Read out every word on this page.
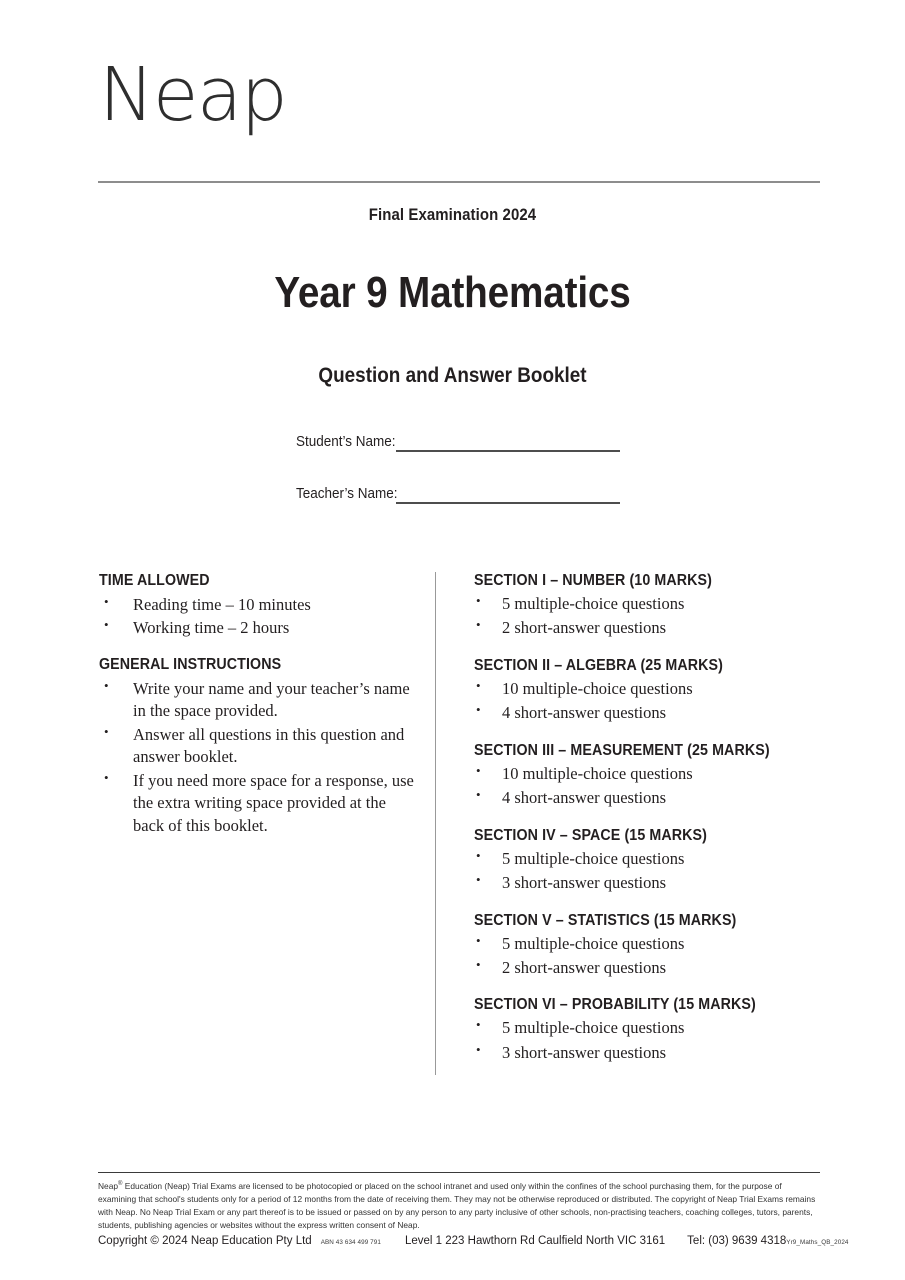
Neap
Final Examination 2024
Year 9 Mathematics
Question and Answer Booklet
Student’s Name:
Teacher’s Name:
TIME ALLOWED
• Reading time – 10 minutes
• Working time – 2 hours
GENERAL INSTRUCTIONS
• Write your name and your teacher’s name in the space provided.
• Answer all questions in this question and answer booklet.
• If you need more space for a response, use the extra writing space provided at the back of this booklet.
SECTION I – NUMBER (10 MARKS)
• 5 multiple-choice questions
• 2 short-answer questions
SECTION II – ALGEBRA (25 MARKS)
• 10 multiple-choice questions
• 4 short-answer questions
SECTION III – MEASUREMENT (25 MARKS)
• 10 multiple-choice questions
• 4 short-answer questions
SECTION IV – SPACE (15 MARKS)
• 5 multiple-choice questions
• 3 short-answer questions
SECTION V – STATISTICS (15 MARKS)
• 5 multiple-choice questions
• 2 short-answer questions
SECTION VI – PROBABILITY (15 MARKS)
• 5 multiple-choice questions
• 3 short-answer questions
Neap® Education (Neap) Trial Exams are licensed to be photocopied or placed on the school intranet and used only within the confines of the school purchasing them, for the purpose of examining that school's students only for a period of 12 months from the date of receiving them. They may not be otherwise reproduced or distributed. The copyright of Neap Trial Exams remains with Neap. No Neap Trial Exam or any part thereof is to be issued or passed on by any person to any party inclusive of other schools, non-practising teachers, coaching colleges, tutors, parents, students, publishing agencies or websites without the express written consent of Neap.
Copyright © 2024 Neap Education Pty Ltd ABN 43 634 499 791 Level 1 223 Hawthorn Rd Caulfield North VIC 3161 Tel: (03) 9639 4318 Yr9_Maths_QB_2024
